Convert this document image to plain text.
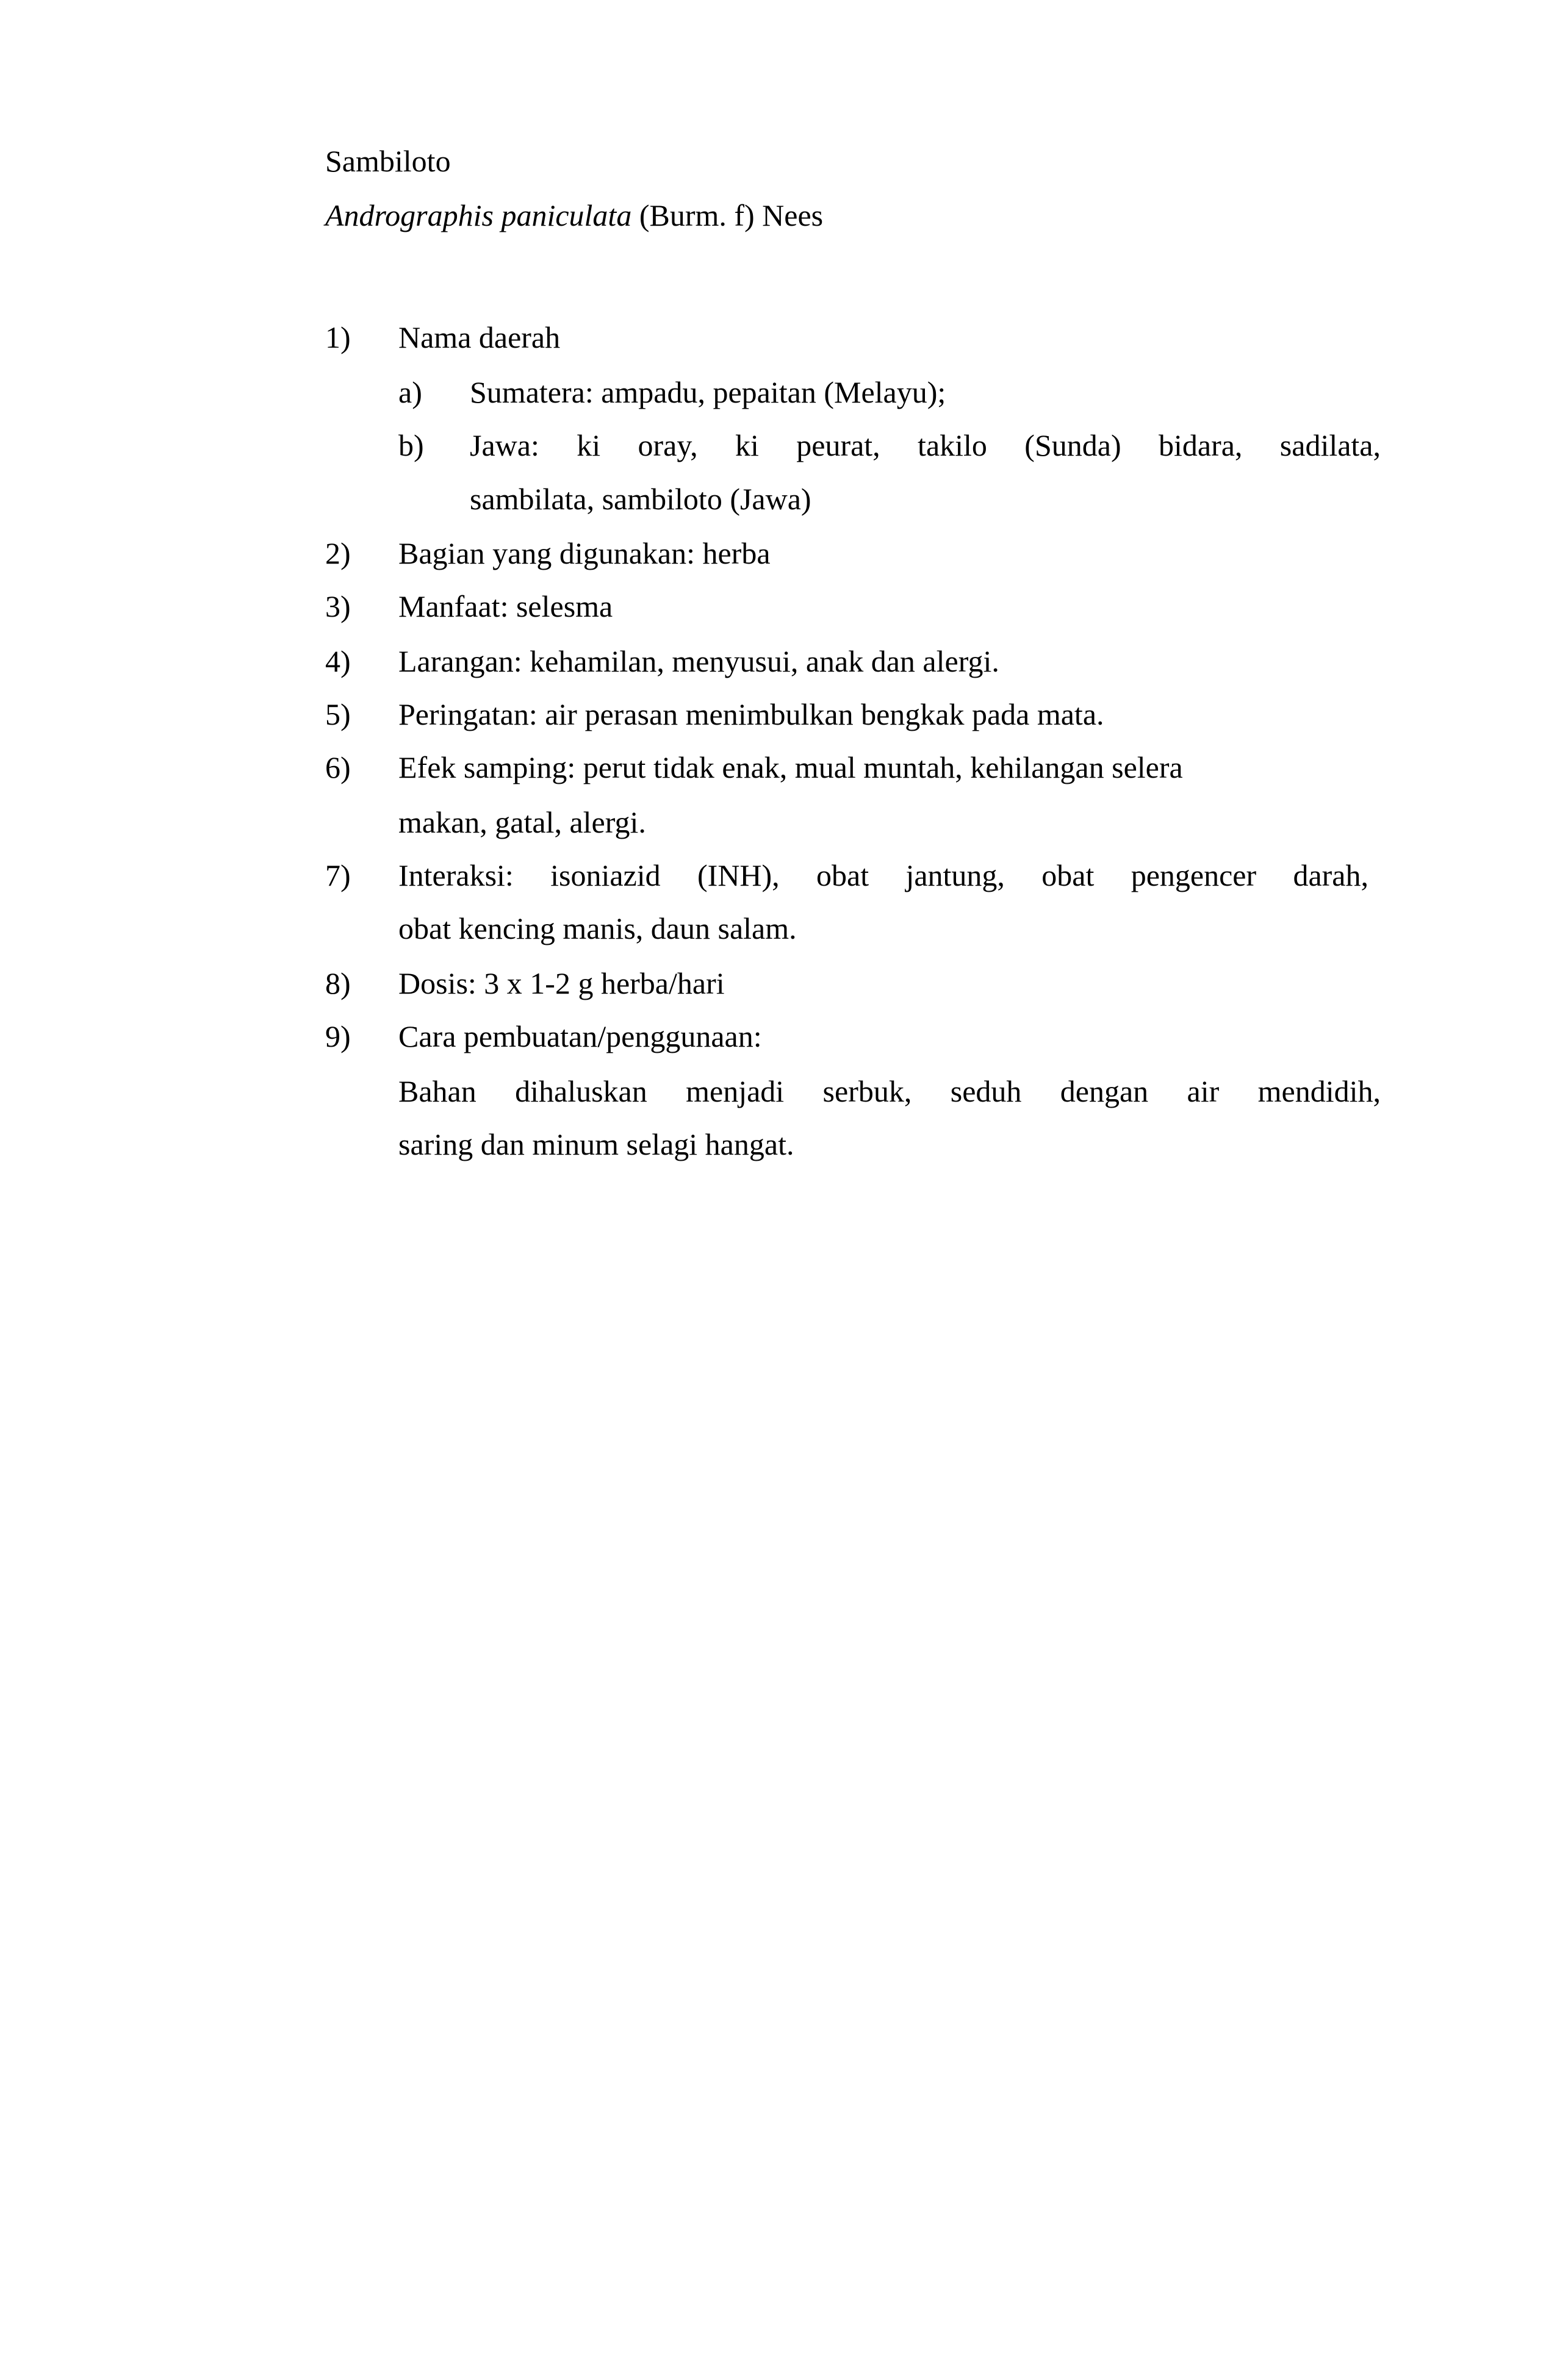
Sambiloto
Andrographis paniculata (Burm. f) Nees
1) Nama daerah
a) Sumatera: ampadu, pepaitan (Melayu);
b) Jawa: ki oray, ki peurat, takilo (Sunda) bidara, sadilata,
sambilata, sambiloto (Jawa)
2) Bagian yang digunakan: herba
3) Manfaat: selesma
4) Larangan: kehamilan, menyusui, anak dan alergi.
5) Peringatan: air perasan menimbulkan bengkak pada mata.
6) Efek samping: perut tidak enak, mual muntah, kehilangan selera
makan, gatal, alergi.
7) Interaksi: isoniazid (INH), obat jantung, obat pengencer darah,
obat kencing manis, daun salam.
8) Dosis: 3 x 1-2 g herba/hari
9) Cara pembuatan/penggunaan:
Bahan dihaluskan menjadi serbuk, seduh dengan air mendidih,
saring dan minum selagi hangat.
